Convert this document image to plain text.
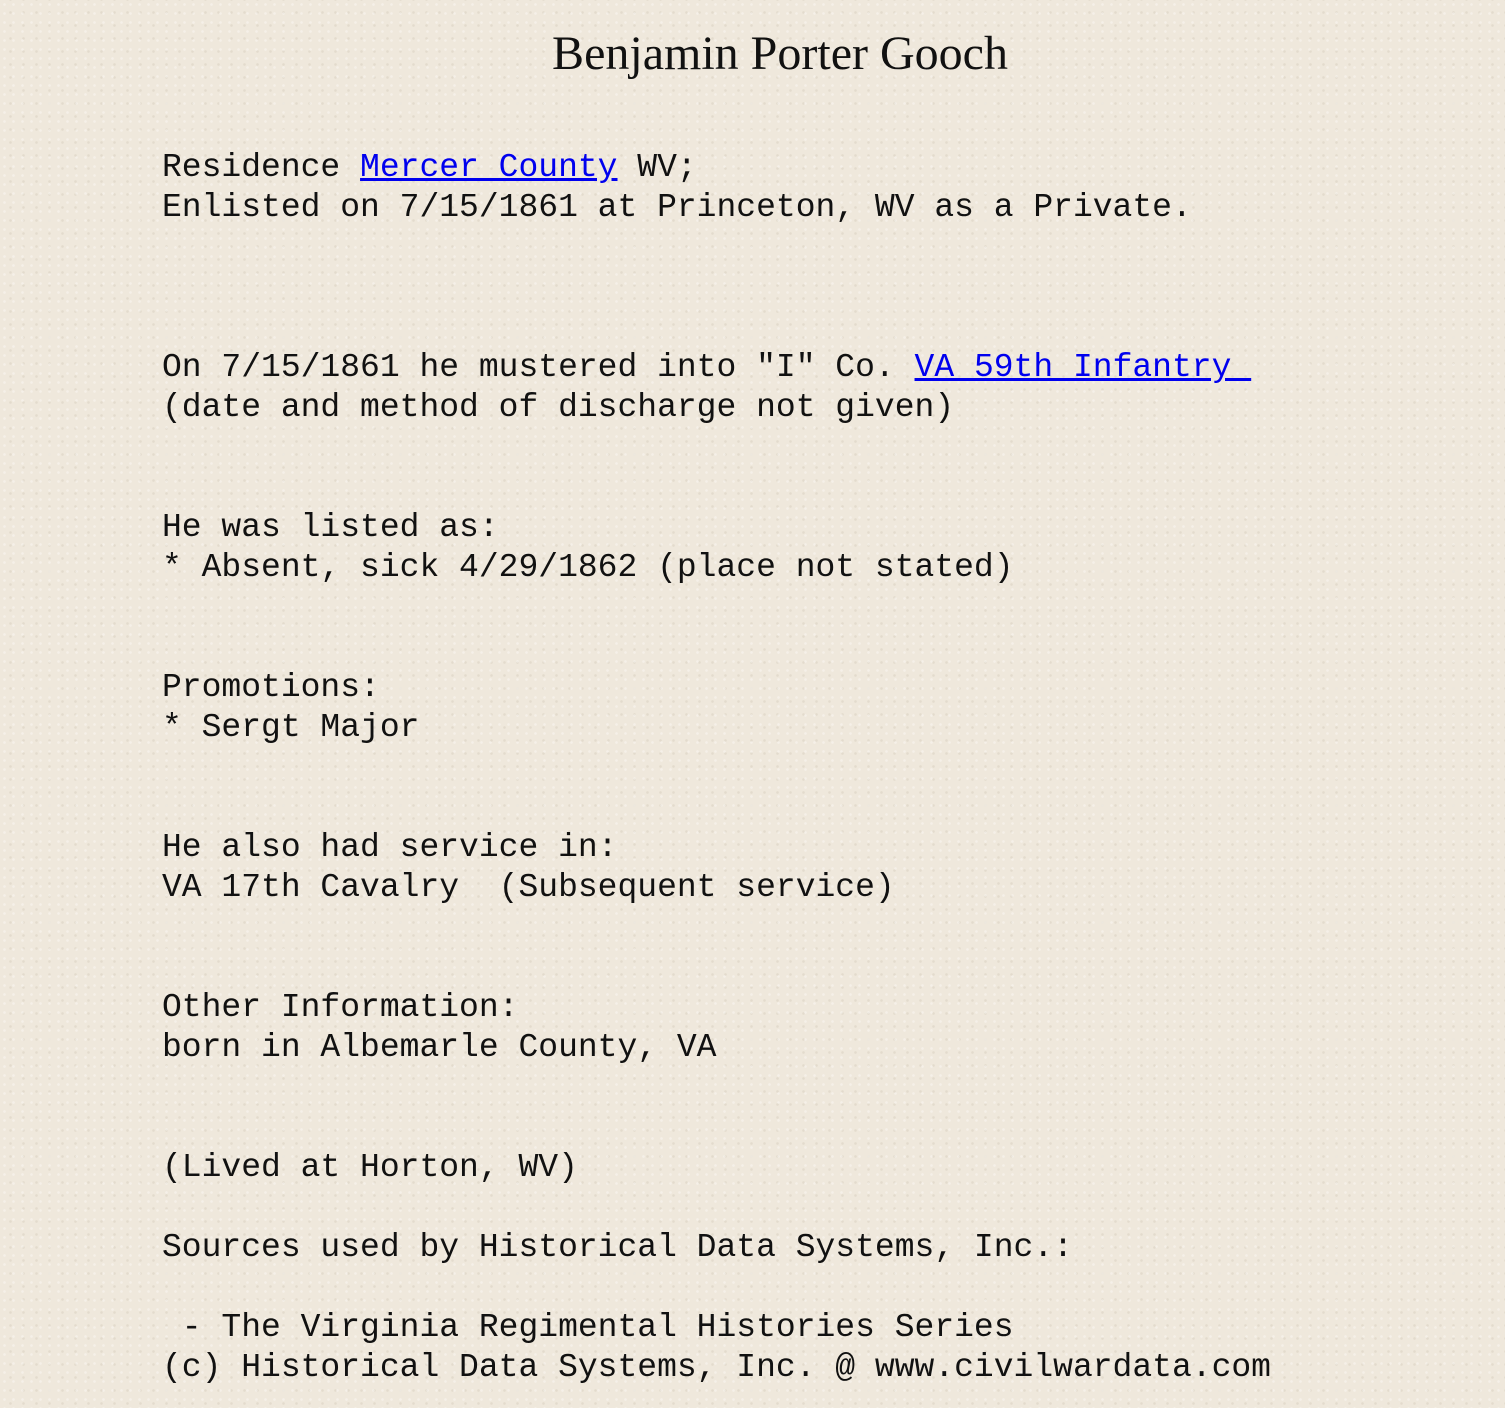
Benjamin Porter Gooch
Residence Mercer County WV;
Enlisted on 7/15/1861 at Princeton, WV as a Private.

On 7/15/1861 he mustered into "I" Co. VA 59th Infantry
(date and method of discharge not given)

He was listed as:
* Absent, sick 4/29/1862 (place not stated)

Promotions:
* Sergt Major

He also had service in:
VA 17th Cavalry  (Subsequent service)

Other Information:
born in Albemarle County, VA

(Lived at Horton, WV)

Sources used by Historical Data Systems, Inc.:

- The Virginia Regimental Histories Series
(c) Historical Data Systems, Inc. @ www.civilwardata.com
